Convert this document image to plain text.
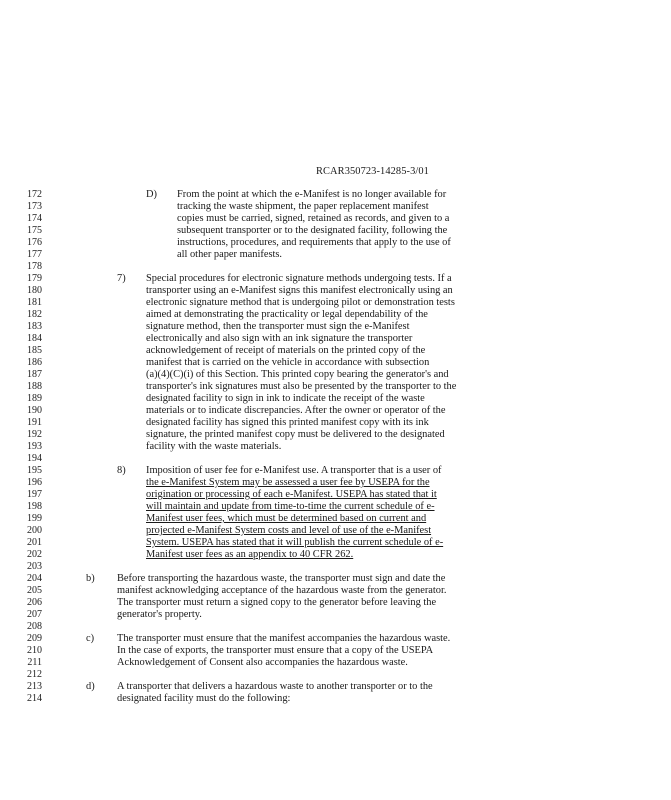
RCAR350723-14285-3/01
172
173
174
175
176
177
178
179
180
181
182
183
184
185
186
187
188
189
190
191
192
193
194
195
196
197
198
199
200
201
202
203
204
205
206
207
208
209
210
211
212
213
214
D) From the point at which the e-Manifest is no longer available for
tracking the waste shipment, the paper replacement manifest
copies must be carried, signed, retained as records, and given to a
subsequent transporter or to the designated facility, following the
instructions, procedures, and requirements that apply to the use of
all other paper manifests.
7) Special procedures for electronic signature methods undergoing tests. If a
transporter using an e-Manifest signs this manifest electronically using an
electronic signature method that is undergoing pilot or demonstration tests
aimed at demonstrating the practicality or legal dependability of the
signature method, then the transporter must sign the e-Manifest
electronically and also sign with an ink signature the transporter
acknowledgement of receipt of materials on the printed copy of the
manifest that is carried on the vehicle in accordance with subsection
(a)(4)(C)(i) of this Section. This printed copy bearing the generator's and
transporter's ink signatures must also be presented by the transporter to the
designated facility to sign in ink to indicate the receipt of the waste
materials or to indicate discrepancies. After the owner or operator of the
designated facility has signed this printed manifest copy with its ink
signature, the printed manifest copy must be delivered to the designated
facility with the waste materials.
8) Imposition of user fee for e-Manifest use. A transporter that is a user of
the e-Manifest System may be assessed a user fee by USEPA for the
origination or processing of each e-Manifest. USEPA has stated that it
will maintain and update from time-to-time the current schedule of e-
Manifest user fees, which must be determined based on current and
projected e-Manifest System costs and level of use of the e-Manifest
System. USEPA has stated that it will publish the current schedule of e-
Manifest user fees as an appendix to 40 CFR 262.
b) Before transporting the hazardous waste, the transporter must sign and date the
manifest acknowledging acceptance of the hazardous waste from the generator.
The transporter must return a signed copy to the generator before leaving the
generator's property.
c) The transporter must ensure that the manifest accompanies the hazardous waste.
In the case of exports, the transporter must ensure that a copy of the USEPA
Acknowledgement of Consent also accompanies the hazardous waste.
d) A transporter that delivers a hazardous waste to another transporter or to the
designated facility must do the following:
